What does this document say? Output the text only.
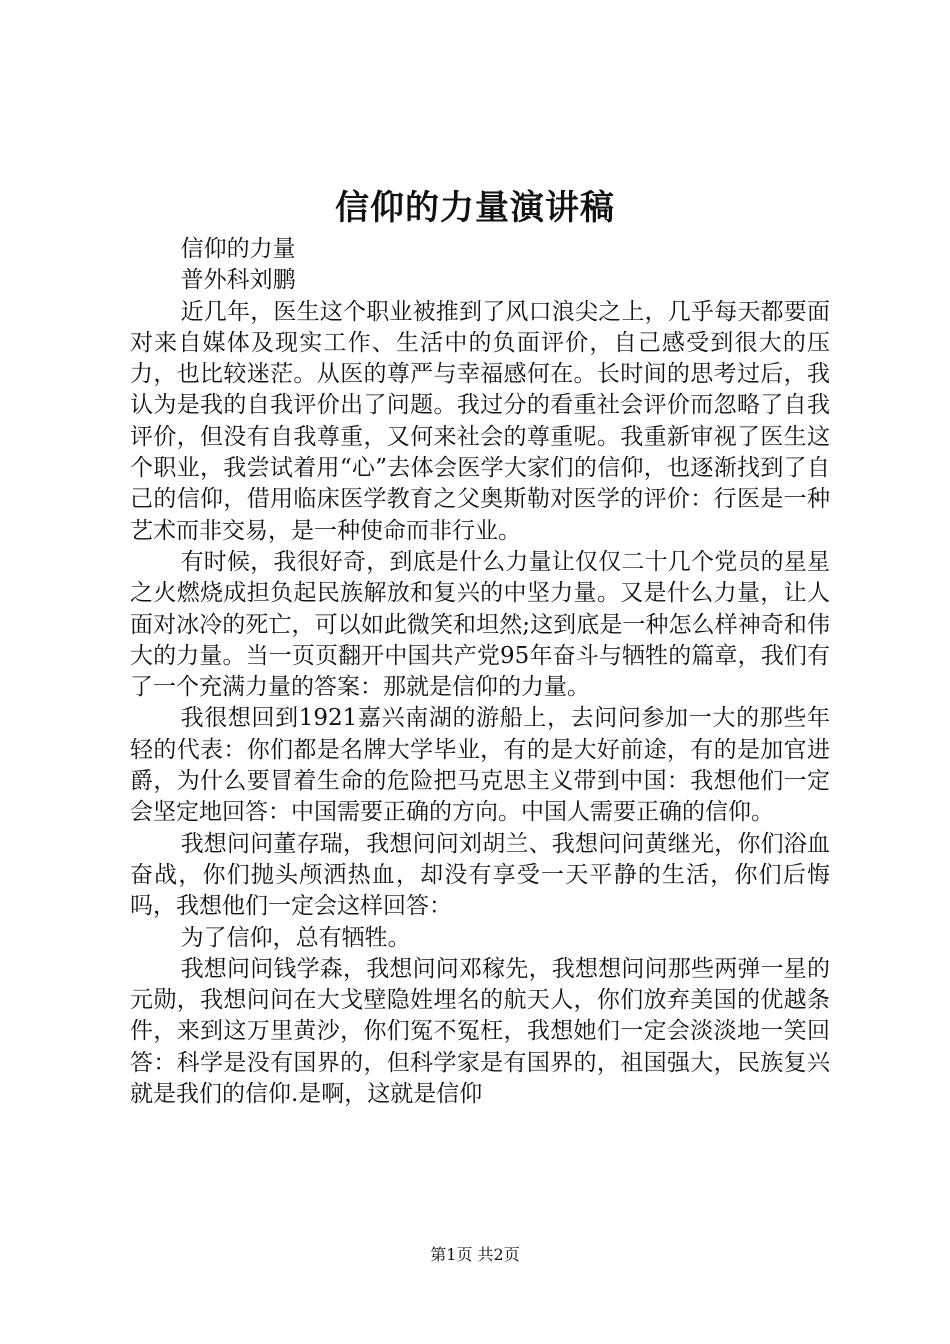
信仰的力量演讲稿

信仰的力量

普外科刘鹏

近几年，医生这个职业被推到了风口浪尖之上，几乎每天都要面对来自媒体及现实工作、生活中的负面评价，自己感受到很大的压力，也比较迷茫。从医的尊严与幸福感何在。长时间的思考过后，我认为是我的自我评价出了问题。我过分的看重社会评价而忽略了自我评价，但没有自我尊重，又何来社会的尊重呢。我重新审视了医生这个职业，我尝试着用“心”去体会医学大家们的信仰，也逐渐找到了自己的信仰，借用临床医学教育之父奥斯勒对医学的评价：行医是一种艺术而非交易，是一种使命而非行业。

有时候，我很好奇，到底是什么力量让仅仅二十几个党员的星星之火燃烧成担负起民族解放和复兴的中坚力量。又是什么力量，让人面对冰冷的死亡，可以如此微笑和坦然;这到底是一种怎么样神奇和伟大的力量。当一页页翻开中国共产党95年奋斗与牺牲的篇章，我们有了一个充满力量的答案：那就是信仰的力量。

我很想回到1921嘉兴南湖的游船上，去问问参加一大的那些年轻的代表：你们都是名牌大学毕业，有的是大好前途，有的是加官进爵，为什么要冒着生命的危险把马克思主义带到中国：我想他们一定会坚定地回答：中国需要正确的方向。中国人需要正确的信仰。

我想问问董存瑞，我想问问刘胡兰、我想问问黄继光，你们浴血奋战，你们抛头颅洒热血，却没有享受一天平静的生活，你们后悔吗，我想他们一定会这样回答：

为了信仰，总有牺牲。

我想问问钱学森，我想问问邓稼先，我想想问问那些两弹一星的元勋，我想问问在大戈壁隐姓埋名的航天人，你们放弃美国的优越条件，来到这万里黄沙，你们冤不冤枉，我想她们一定会淡淡地一笑回答：科学是没有国界的，但科学家是有国界的，祖国强大，民族复兴就是我们的信仰.是啊，这就是信仰

第1页 共2页
